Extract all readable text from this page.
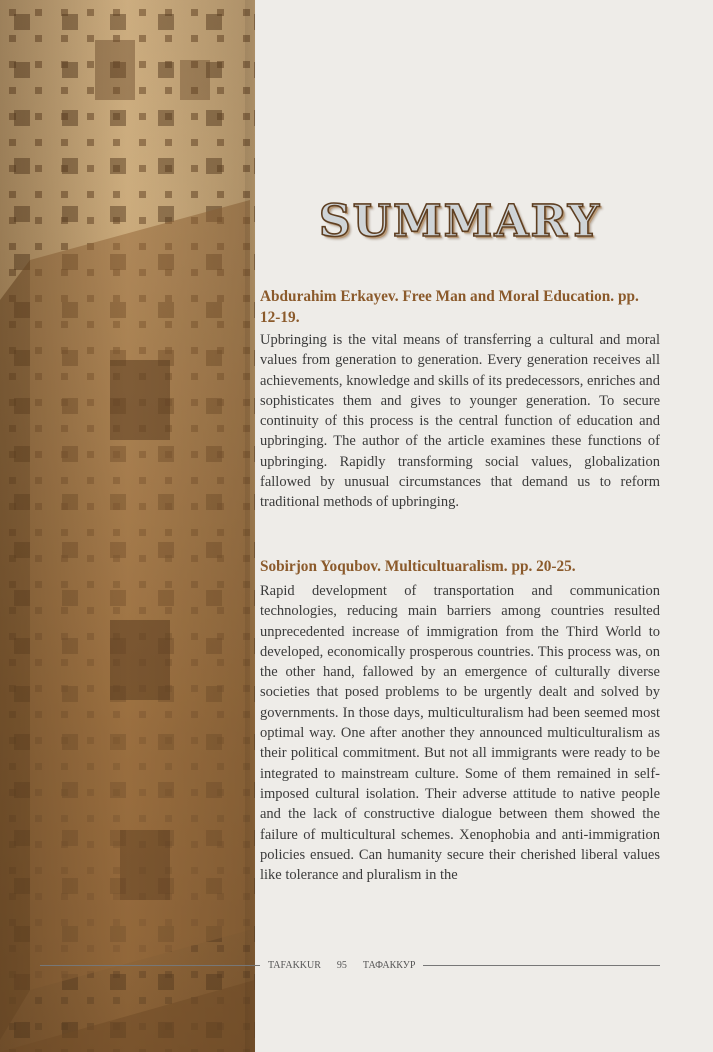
SUMMARY

Abdurahim Erkayev. Free Man and Moral Education. pp. 12-19.

Upbringing is the vital means of transferring a cultural and moral values from generation to generation. Every generation receives all achievements, knowledge and skills of its predecessors, enriches and sophisticates them and gives to younger generation. To secure continuity of this process is the central function of education and upbringing. The author of the article examines these functions of upbringing. Rapidly transforming social values, globalization fallowed by unusual circumstances that demand us to reform traditional methods of upbringing.

Sobirjon Yoqubov. Multicultuaralism. pp. 20-25.

Rapid development of transportation and communication technologies, reducing main barriers among countries resulted unprecedented increase of immigration from the Third World to developed, economically prosperous countries. This process was, on the other hand, fallowed by an emergence of culturally diverse societies that posed problems to be urgently dealt and solved by governments. In those days, multiculturalism had been seemed most optimal way. One after another they announced multiculturalism as their political commitment. But not all immigrants were ready to be integrated to mainstream culture. Some of them remained in self-imposed cultural isolation. Their adverse attitude to native people and the lack of constructive dialogue between them showed the failure of multicultural schemes. Xenophobia and anti-immigration policies ensued. Can humanity secure their cherished liberal values like tolerance and pluralism in the

TAFAKKUR 95 ТАФАККУР
